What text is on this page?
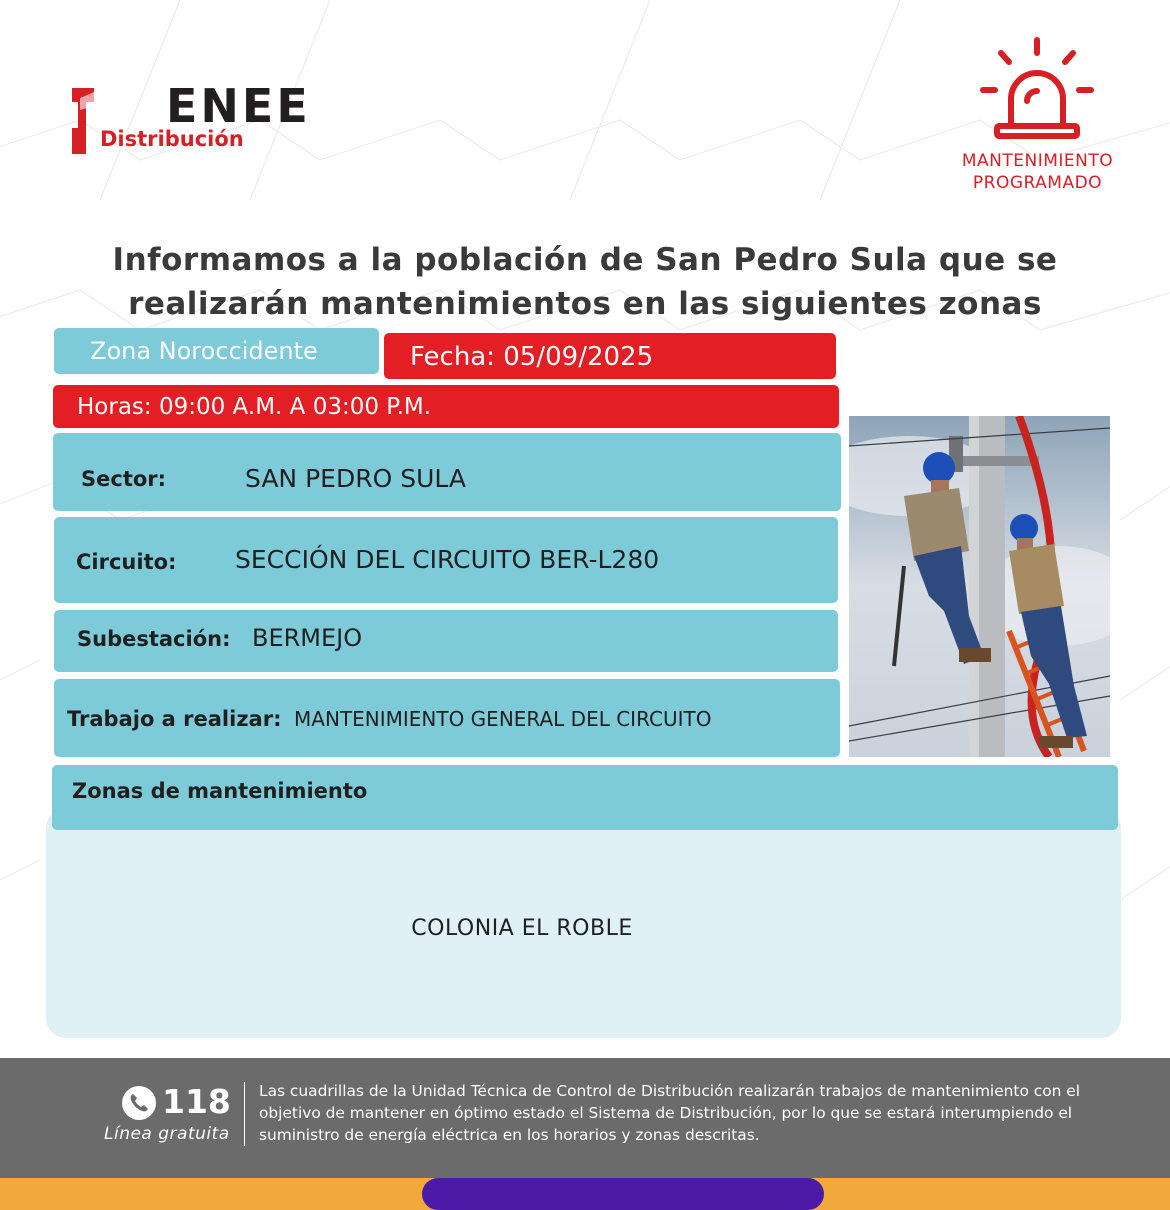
ENEE
Distribución
MANTENIMIENTO
PROGRAMADO
Informamos a la población de San Pedro Sula que se
realizarán mantenimientos en las siguientes zonas
Zona Noroccidente	Fecha: 05/09/2025
Horas: 09:00 A.M. A 03:00 P.M.
Sector:	SAN PEDRO SULA
Circuito: SECCIÓN DEL CIRCUITO BER-L280
Subestación: BERMEJO
Trabajo a realizar: MANTENIMIENTO GENERAL DEL CIRCUITO
Zonas de mantenimiento
COLONIA EL ROBLE
118
Línea gratuita
Las cuadrillas de la Unidad Técnica de Control de Distribución realizarán trabajos de mantenimiento con el objetivo de mantener en óptimo estado el Sistema de Distribución, por lo que se estará interumpiendo el suministro de energía eléctrica en los horarios y zonas descritas.
